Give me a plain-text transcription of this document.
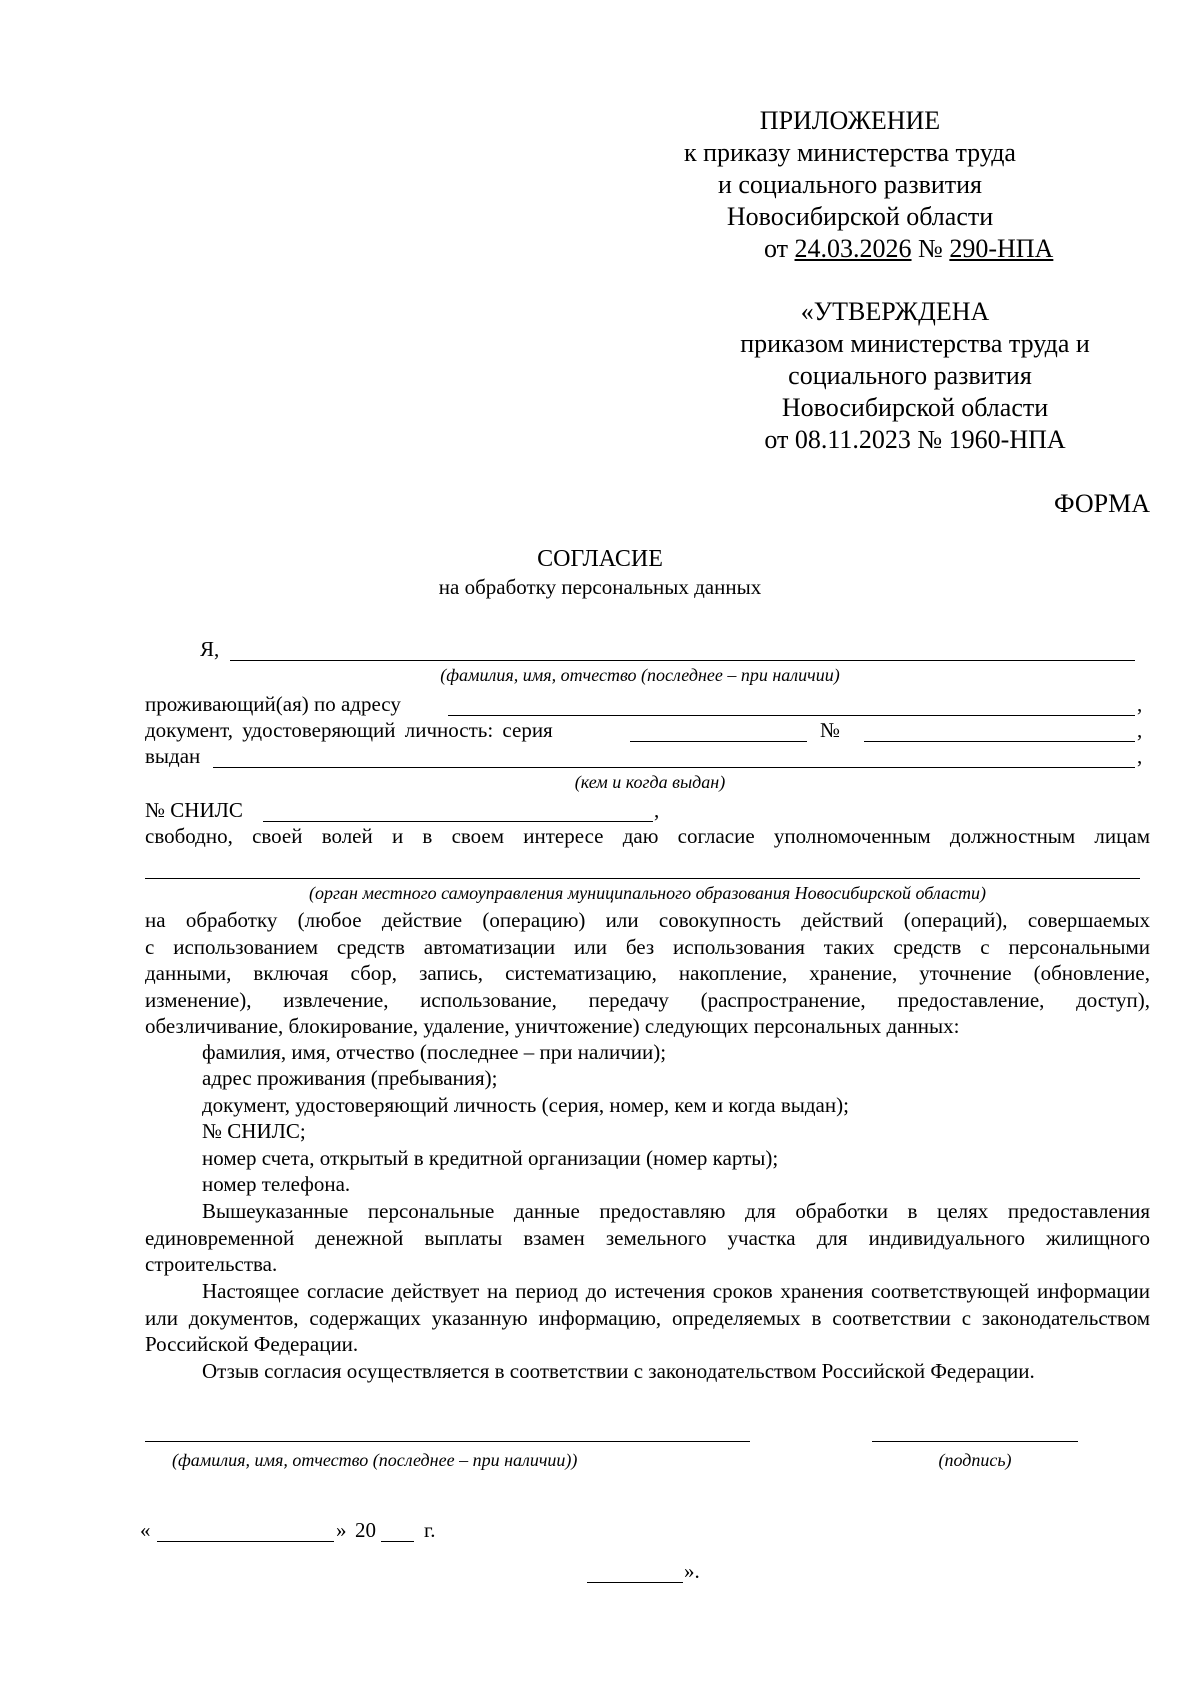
ПРИЛОЖЕНИЕ
к приказу министерства труда
и социального развития
Новосибирской области
от 24.03.2026 № 290-НПА
«УТВЕРЖДЕНА
приказом министерства труда и
социального развития
Новосибирской области
от 08.11.2023 № 1960-НПА
ФОРМА
СОГЛАСИЕ
на обработку персональных данных
Я,
(фамилия, имя, отчество (последнее – при наличии)
проживающий(ая) по адресу	,
документ, удостоверяющий личность: серия	№	,
выдан	,
(кем и когда выдан)
№ СНИЛС	,
свободно, своей волей и в своем интересе даю согласие уполномоченным должностным лицам
(орган местного самоуправления муниципального образования Новосибирской области)
на обработку (любое действие (операцию) или совокупность действий (операций), совершаемых
с использованием средств автоматизации или без использования таких средств с персональными
данными, включая сбор, запись, систематизацию, накопление, хранение, уточнение (обновление,
изменение), извлечение, использование, передачу (распространение, предоставление, доступ),
обезличивание, блокирование, удаление, уничтожение) следующих персональных данных:
фамилия, имя, отчество (последнее – при наличии);
адрес проживания (пребывания);
документ, удостоверяющий личность (серия, номер, кем и когда выдан);
№ СНИЛС;
номер счета, открытый в кредитной организации (номер карты);
номер телефона.
Вышеуказанные персональные данные предоставляю для обработки в целях предоставления единовременной денежной выплаты взамен земельного участка для индивидуального жилищного строительства.
Настоящее согласие действует на период до истечения сроков хранения соответствующей информации или документов, содержащих указанную информацию, определяемых в соответствии с законодательством Российской Федерации.
Отзыв согласия осуществляется в соответствии с законодательством Российской Федерации.
(фамилия, имя, отчество (последнее – при наличии))	(подпись)
«	» 20 г.
».
